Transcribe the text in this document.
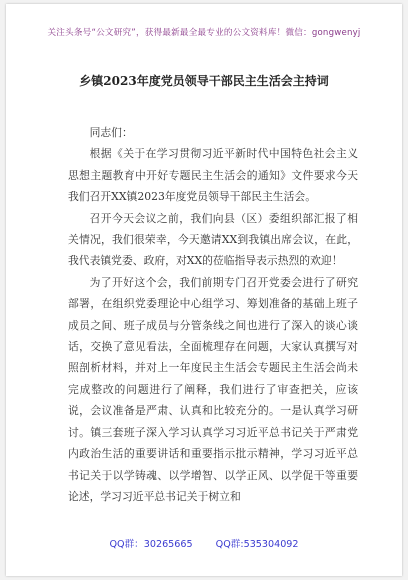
关注头条号“公文研究”，获得最新最全最专业的公文资料库！微信：gongwenyj
乡镇2023年度党员领导干部民主生活会主持词

同志们：

根据《关于在学习贯彻习近平新时代中国特色社会主义思想主题教育中开好专题民主生活会的通知》文件要求今天我们召开XX镇2023年度党员领导干部民主生活会。

召开今天会议之前，我们向县（区）委组织部汇报了相关情况，我们很荣幸，今天邀请XX到我镇出席会议，在此，我代表镇党委、政府，对XX的莅临指导表示热烈的欢迎！

为了开好这个会，我们前期专门召开党委会进行了研究部署，在组织党委理论中心组学习、筹划准备的基础上班子成员之间、班子成员与分管条线之间也进行了深入的谈心谈话，交换了意见看法，全面梳理存在问题，大家认真撰写对照剖析材料，并对上一年度民主生活会专题民主生活会尚未完成整改的问题进行了阐释，我们进行了审查把关，应该说，会议准备是严肃、认真和比较充分的。一是认真学习研讨。镇三套班子深入学习认真学习习近平总书记关于严肃党内政治生活的重要讲话和重要指示批示精神，学习习近平总书记关于以学铸魂、以学增智、以学正风、以学促干等重要论述，学习习近平总书记关于树立和

QQ群：30265665 QQ群:535304092
